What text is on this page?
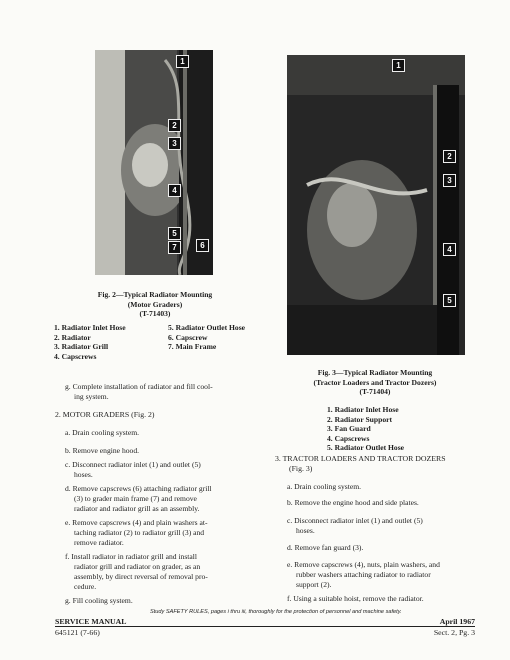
1
2
3
4
5
6
7
Fig. 2—Typical Radiator Mounting
(Motor Graders)
(T-71403)
1. Radiator Inlet Hose
2. Radiator
3. Radiator Grill
4. Capscrews
5. Radiator Outlet Hose
6. Capscrew
7. Main Frame
1
2
3
4
5
Fig. 3—Typical Radiator Mounting
(Tractor Loaders and Tractor Dozers)
(T-71404)
1. Radiator Inlet Hose
2. Radiator Support
3. Fan Guard
4. Capscrews
5. Radiator Outlet Hose
g. Complete installation of radiator and fill cool-
ing system.
2. MOTOR GRADERS (Fig. 2)
a. Drain cooling system.
b. Remove engine hood.
c. Disconnect radiator inlet (1) and outlet (5)
hoses.
d. Remove capscrews (6) attaching radiator grill
(3) to grader main frame (7) and remove
radiator and radiator grill as an assembly.
e. Remove capscrews (4) and plain washers at-
taching radiator (2) to radiator grill (3) and
remove radiator.
f. Install radiator in radiator grill and install
radiator grill and radiator on grader, as an
assembly, by direct reversal of removal pro-
cedure.
g. Fill cooling system.
3. TRACTOR LOADERS AND TRACTOR DOZERS
(Fig. 3)
a. Drain cooling system.
b. Remove the engine hood and side plates.
c. Disconnect radiator inlet (1) and outlet (5)
hoses.
d. Remove fan guard (3).
e. Remove capscrews (4), nuts, plain washers, and
rubber washers attaching radiator to radiator
support (2).
f. Using a suitable hoist, remove the radiator.
Study SAFETY RULES, pages i thru iii, thoroughly for the protection of personnel and machine safety.
SERVICE MANUAL
645121 (7-66)
April 1967
Sect. 2, Pg. 3
